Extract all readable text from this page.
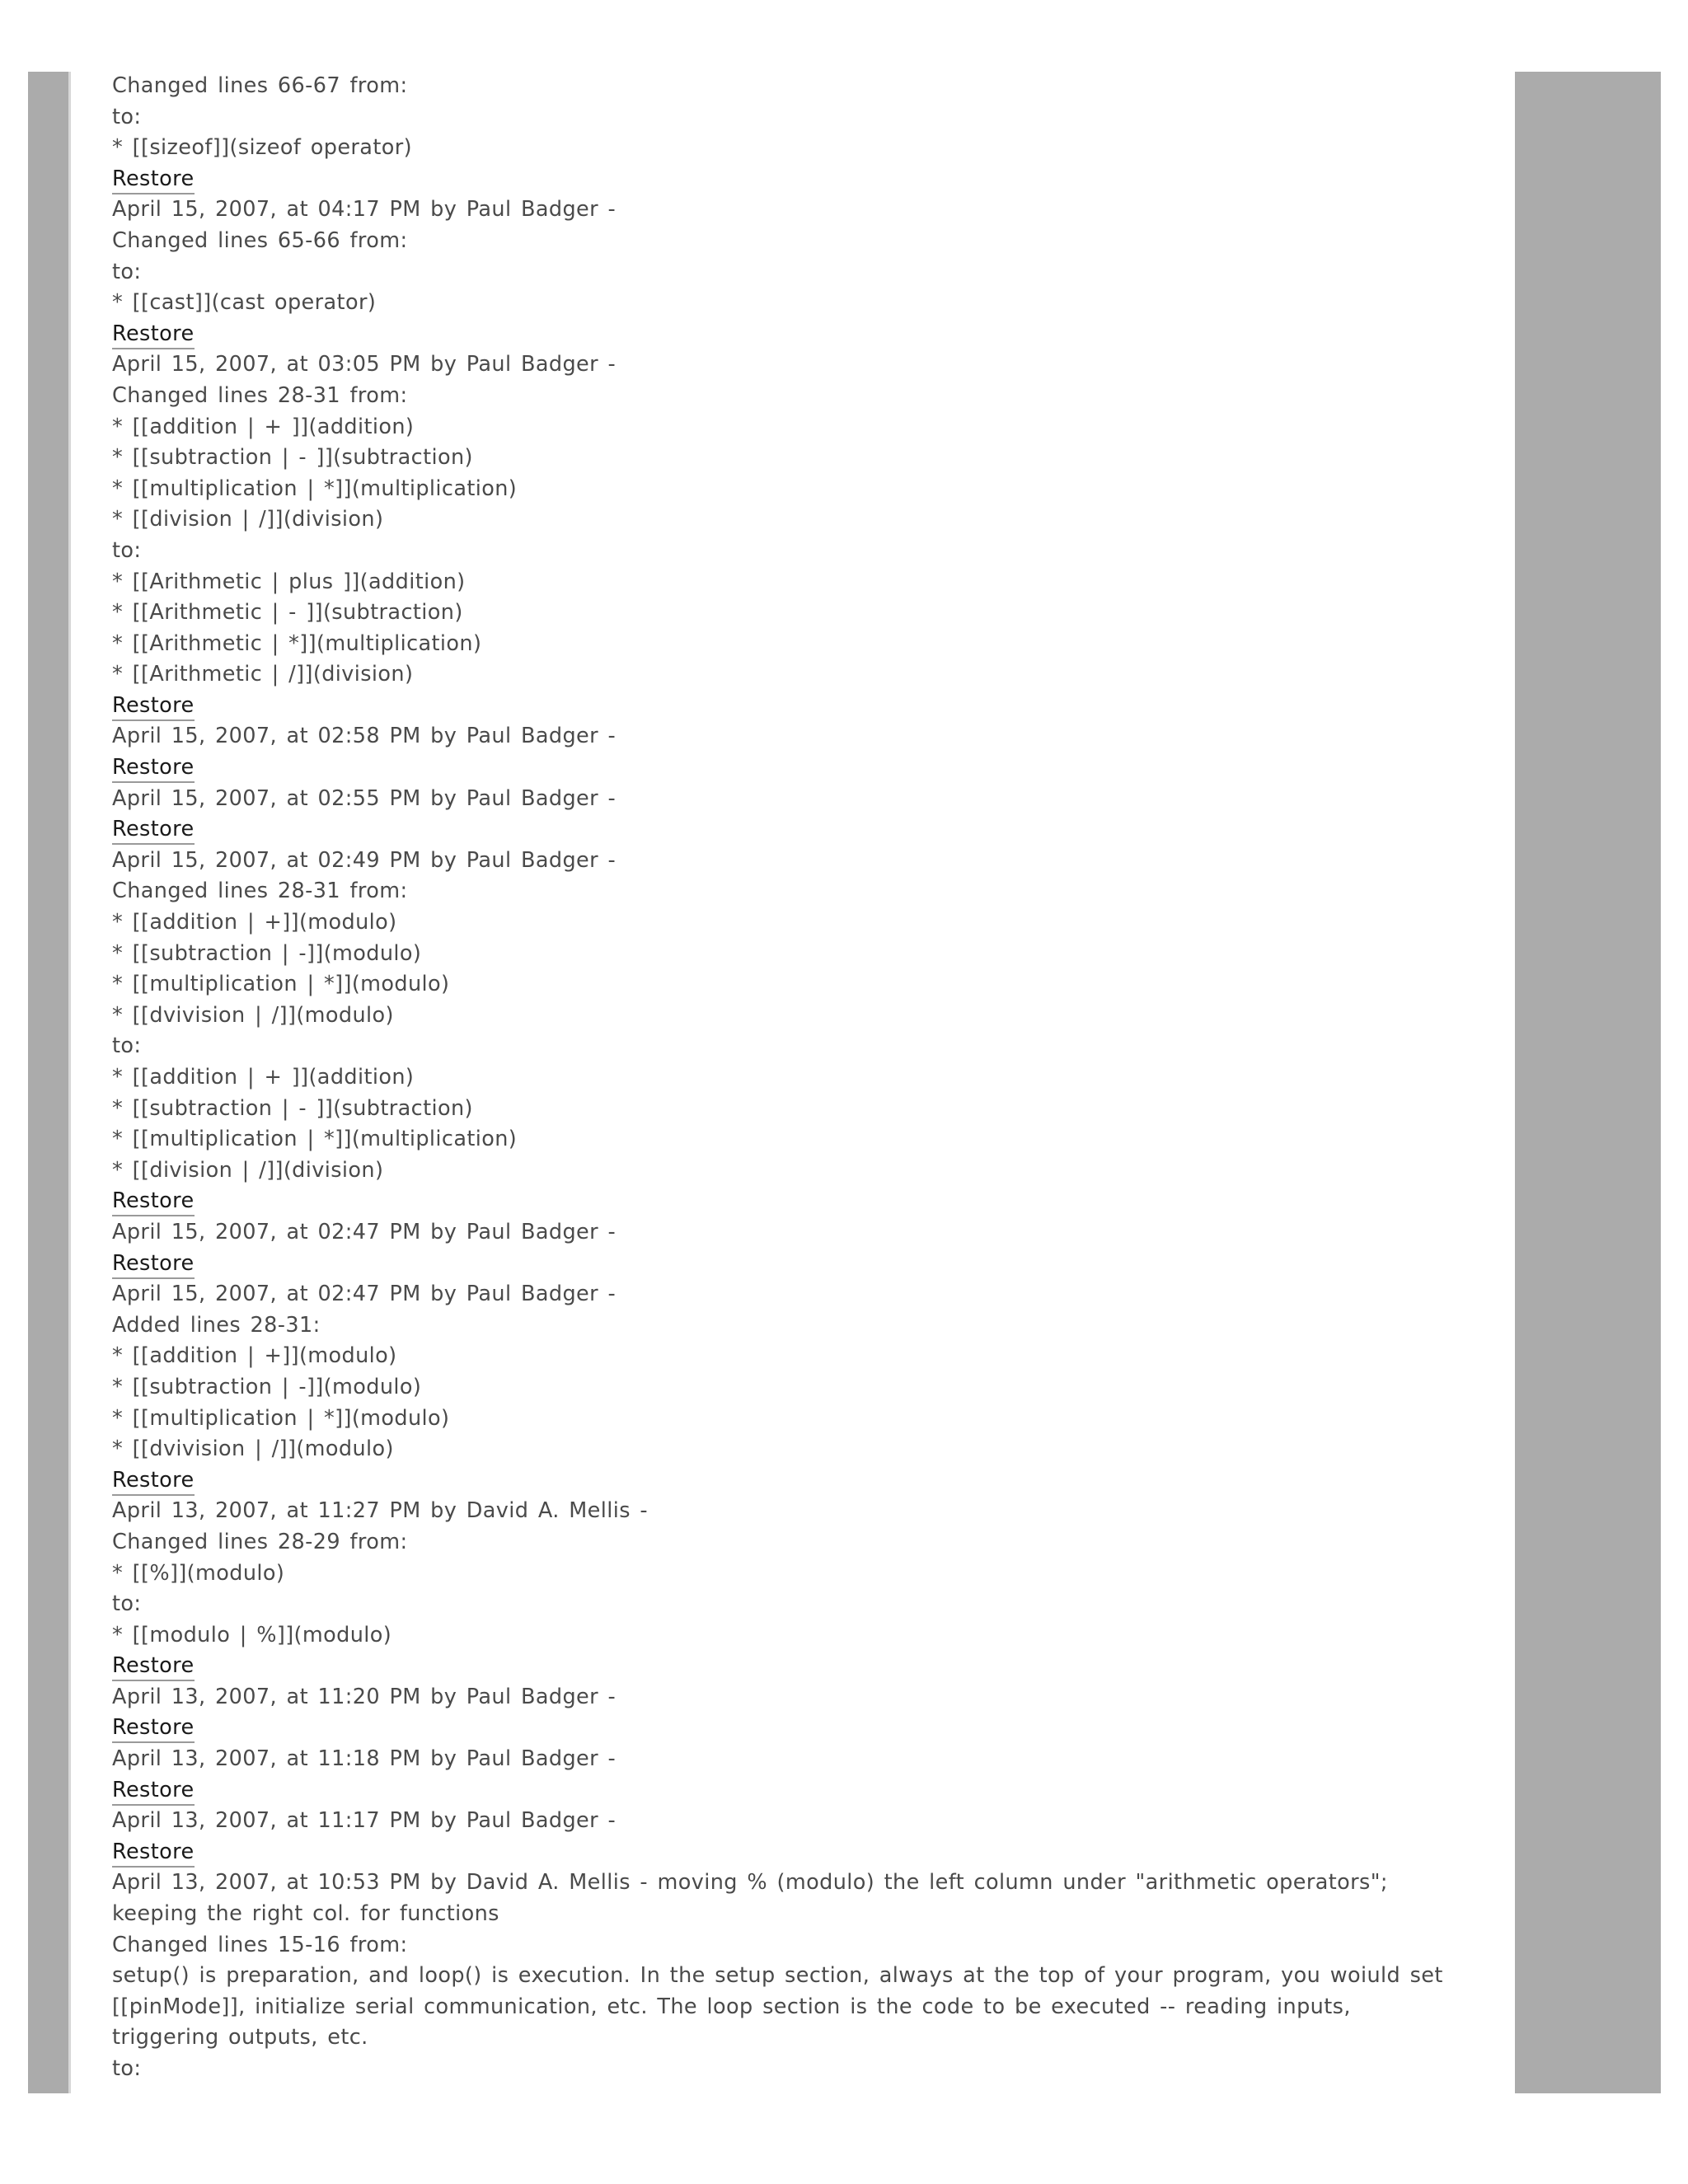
Changed lines 66-67 from:
to:
* [[sizeof]](sizeof operator)
Restore
April 15, 2007, at 04:17 PM by Paul Badger -
Changed lines 65-66 from:
to:
* [[cast]](cast operator)
Restore
April 15, 2007, at 03:05 PM by Paul Badger -
Changed lines 28-31 from:
* [[addition | + ]](addition)
* [[subtraction | - ]](subtraction)
* [[multiplication | *]](multiplication)
* [[division | /]](division)
to:
* [[Arithmetic | plus ]](addition)
* [[Arithmetic | - ]](subtraction)
* [[Arithmetic | *]](multiplication)
* [[Arithmetic | /]](division)
Restore
April 15, 2007, at 02:58 PM by Paul Badger -
Restore
April 15, 2007, at 02:55 PM by Paul Badger -
Restore
April 15, 2007, at 02:49 PM by Paul Badger -
Changed lines 28-31 from:
* [[addition | +]](modulo)
* [[subtraction | -]](modulo)
* [[multiplication | *]](modulo)
* [[dvivision | /]](modulo)
to:
* [[addition | + ]](addition)
* [[subtraction | - ]](subtraction)
* [[multiplication | *]](multiplication)
* [[division | /]](division)
Restore
April 15, 2007, at 02:47 PM by Paul Badger -
Restore
April 15, 2007, at 02:47 PM by Paul Badger -
Added lines 28-31:
* [[addition | +]](modulo)
* [[subtraction | -]](modulo)
* [[multiplication | *]](modulo)
* [[dvivision | /]](modulo)
Restore
April 13, 2007, at 11:27 PM by David A. Mellis -
Changed lines 28-29 from:
* [[%]](modulo)
to:
* [[modulo | %]](modulo)
Restore
April 13, 2007, at 11:20 PM by Paul Badger -
Restore
April 13, 2007, at 11:18 PM by Paul Badger -
Restore
April 13, 2007, at 11:17 PM by Paul Badger -
Restore
April 13, 2007, at 10:53 PM by David A. Mellis - moving % (modulo) the left column under "arithmetic operators"; keeping the right col. for functions
Changed lines 15-16 from:
setup() is preparation, and loop() is execution. In the setup section, always at the top of your program, you woiuld set [[pinMode]], initialize serial communication, etc. The loop section is the code to be executed -- reading inputs, triggering outputs, etc.
to:
